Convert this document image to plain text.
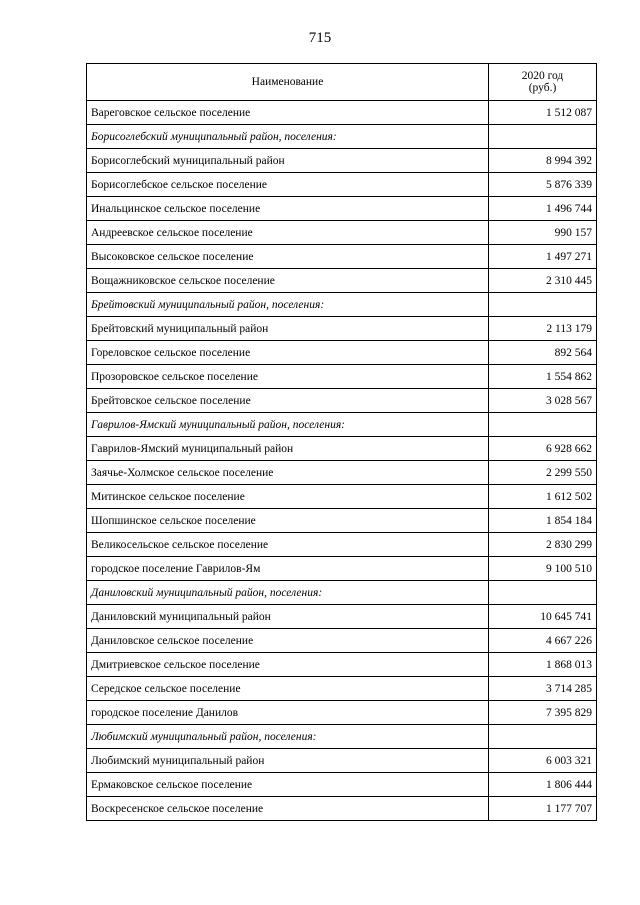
715
Наименование	2020 год
(руб.)

Вареговское сельское поселение	1 512 087
Борисоглебский муниципальный район, поселения:	
Борисоглебский муниципальный район	8 994 392
Борисоглебское сельское поселение	5 876 339
Инальцинское сельское поселение	1 496 744
Андреевское сельское поселение	990 157
Высоковское сельское поселение	1 497 271
Вощажниковское сельское поселение	2 310 445
Брейтовский муниципальный район, поселения:	
Брейтовский муниципальный район	2 113 179
Гореловское сельское поселение	892 564
Прозоровское сельское поселение	1 554 862
Брейтовское сельское поселение	3 028 567
Гаврилов-Ямский муниципальный район, поселения:	
Гаврилов-Ямский муниципальный район	6 928 662
Заячье-Холмское сельское поселение	2 299 550
Митинское сельское поселение	1 612 502
Шопшинское сельское поселение	1 854 184
Великосельское сельское поселение	2 830 299
городское поселение Гаврилов-Ям	9 100 510
Даниловский муниципальный район, поселения:	
Даниловский муниципальный район	10 645 741
Даниловское сельское поселение	4 667 226
Дмитриевское сельское поселение	1 868 013
Середское сельское поселение	3 714 285
городское поселение Данилов	7 395 829
Любимский муниципальный район, поселения:	
Любимский муниципальный район	6 003 321
Ермаковское сельское поселение	1 806 444
Воскресенское сельское поселение	1 177 707
